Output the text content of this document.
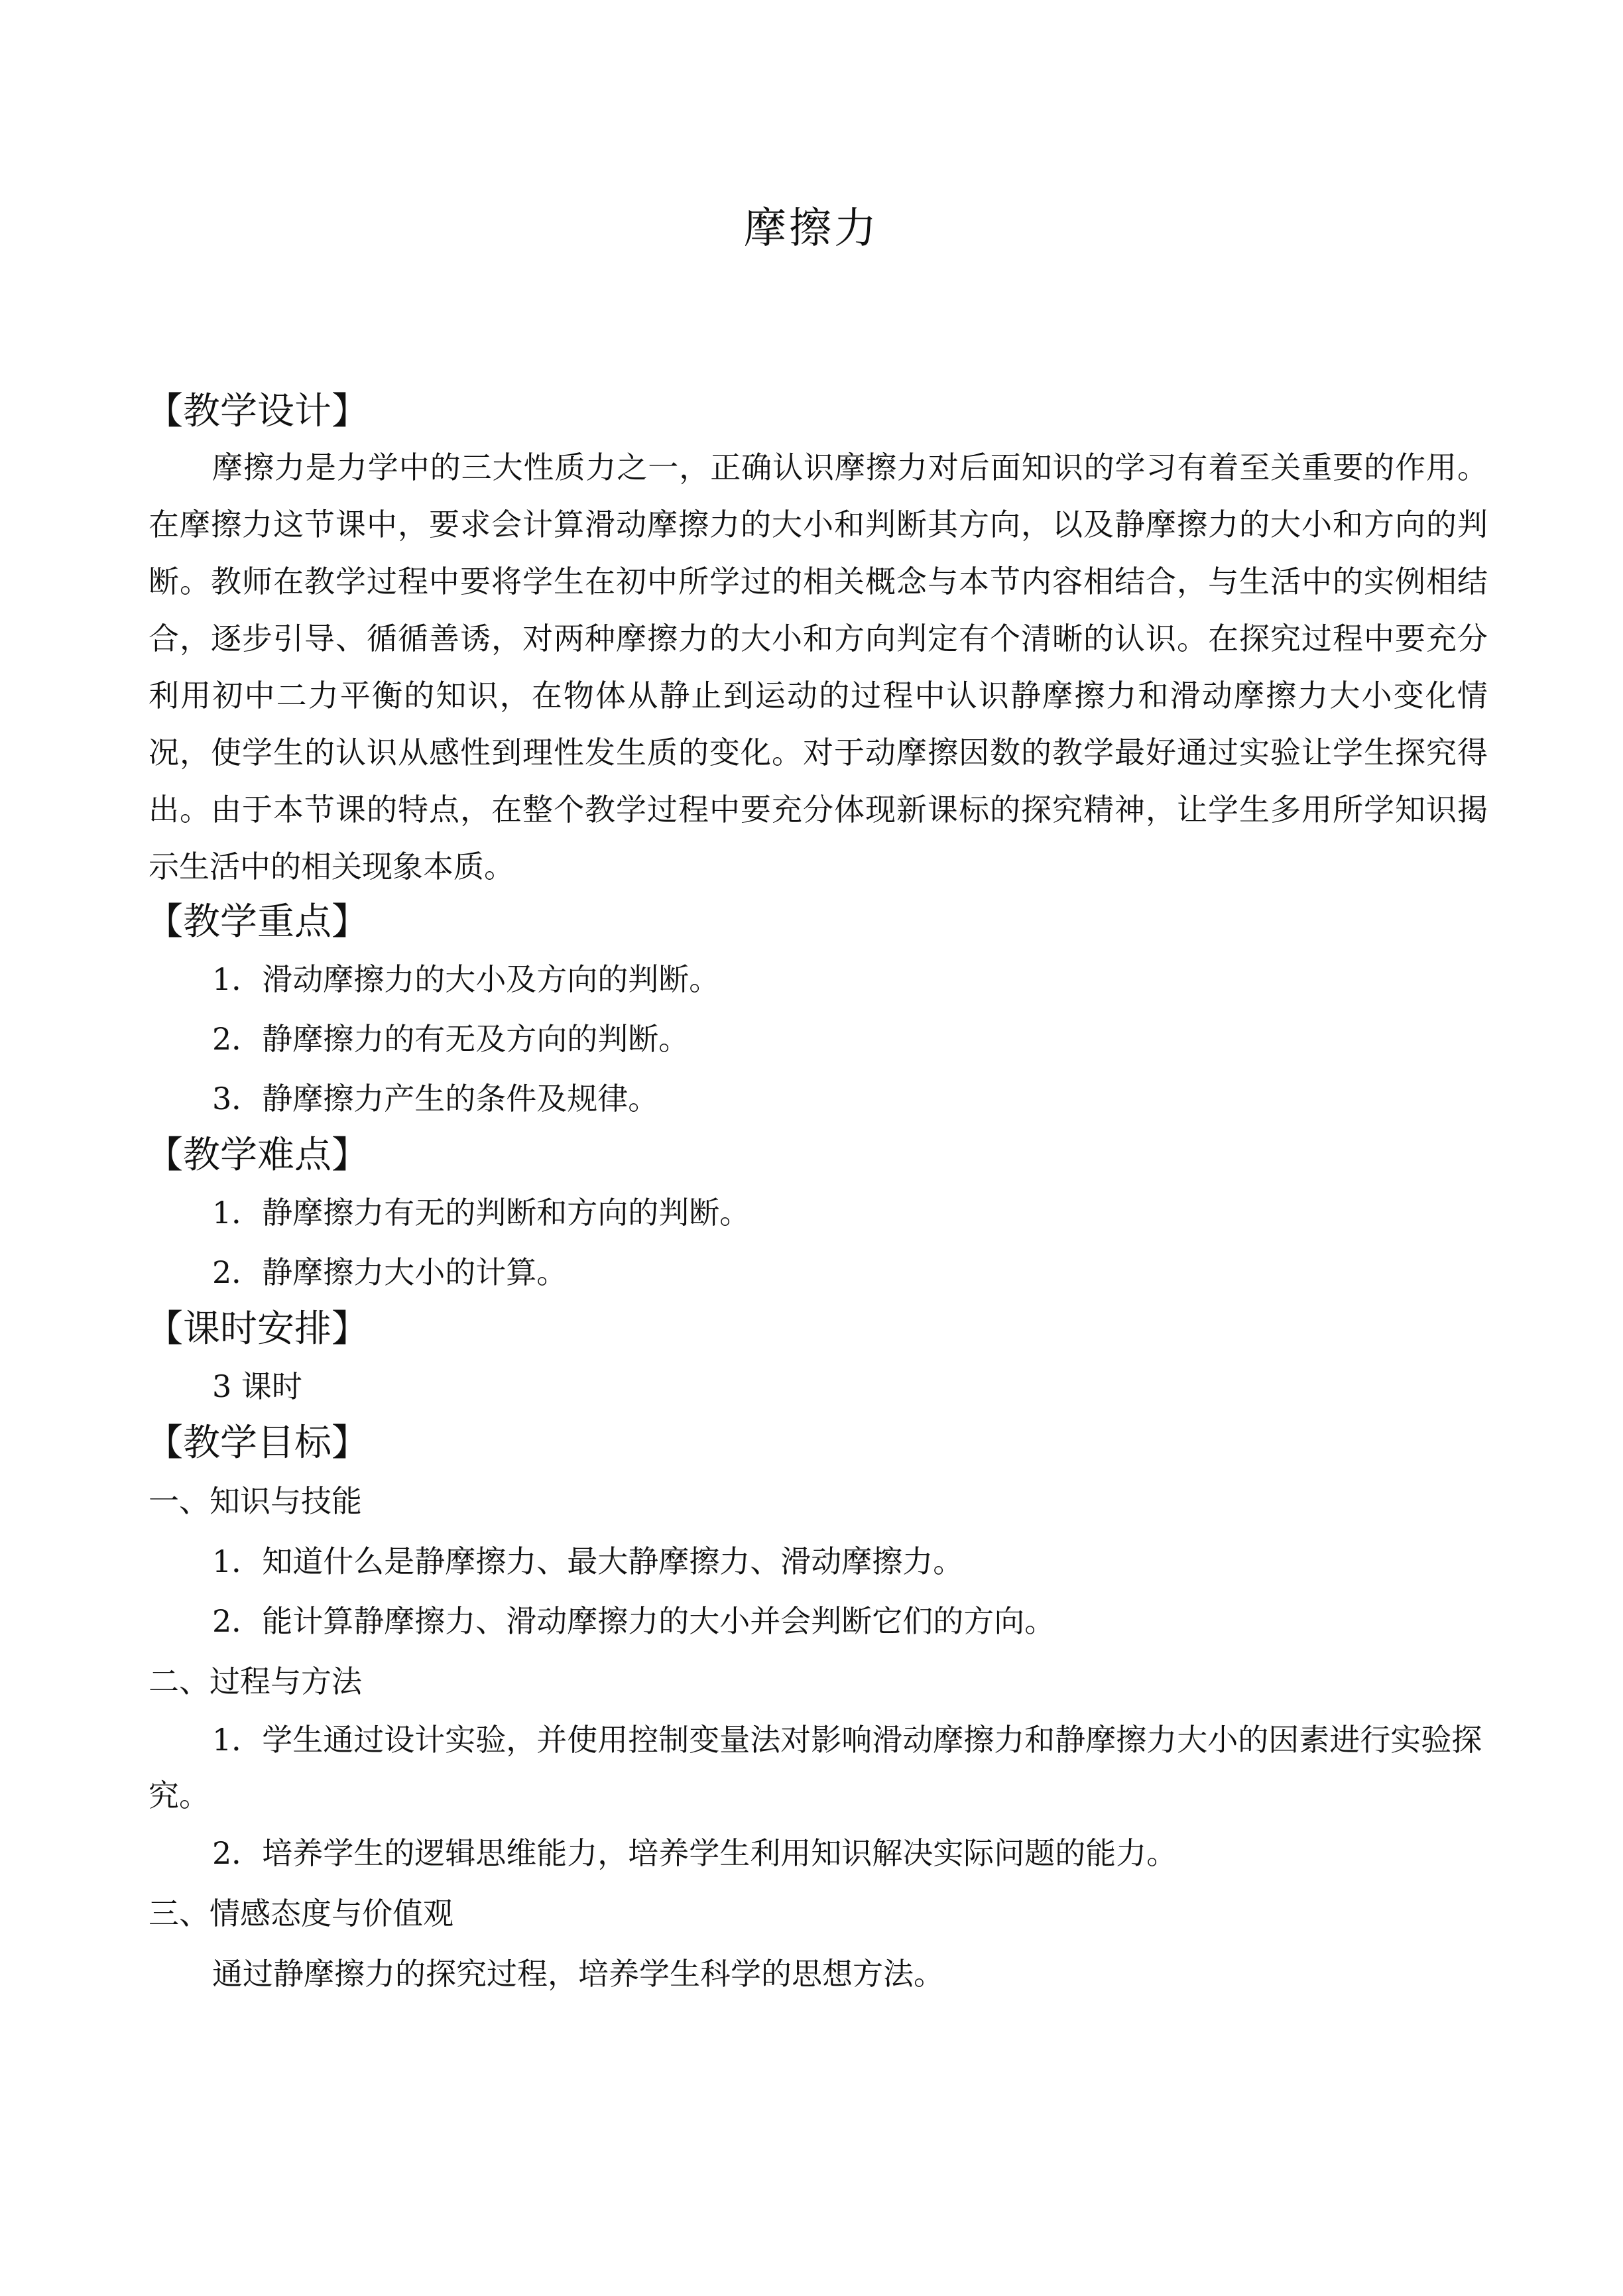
摩擦力
【教学设计】

摩擦力是力学中的三大性质力之一，正确认识摩擦力对后面知识的学习有着至关重要的作用。在摩擦力这节课中，要求会计算滑动摩擦力的大小和判断其方向，以及静摩擦力的大小和方向的判断。教师在教学过程中要将学生在初中所学过的相关概念与本节内容相结合，与生活中的实例相结合，逐步引导、循循善诱，对两种摩擦力的大小和方向判定有个清晰的认识。在探究过程中要充分利用初中二力平衡的知识，在物体从静止到运动的过程中认识静摩擦力和滑动摩擦力大小变化情况，使学生的认识从感性到理性发生质的变化。对于动摩擦因数的教学最好通过实验让学生探究得出。由于本节课的特点，在整个教学过程中要充分体现新课标的探究精神，让学生多用所学知识揭示生活中的相关现象本质。

【教学重点】
1．滑动摩擦力的大小及方向的判断。
2．静摩擦力的有无及方向的判断。
3．静摩擦力产生的条件及规律。
【教学难点】
1．静摩擦力有无的判断和方向的判断。
2．静摩擦力大小的计算。
【课时安排】
3 课时
【教学目标】
一、知识与技能
1．知道什么是静摩擦力、最大静摩擦力、滑动摩擦力。
2．能计算静摩擦力、滑动摩擦力的大小并会判断它们的方向。
二、过程与方法
1．学生通过设计实验，并使用控制变量法对影响滑动摩擦力和静摩擦力大小的因素进行实验探究。
2．培养学生的逻辑思维能力，培养学生利用知识解决实际问题的能力。
三、情感态度与价值观
通过静摩擦力的探究过程，培养学生科学的思想方法。
